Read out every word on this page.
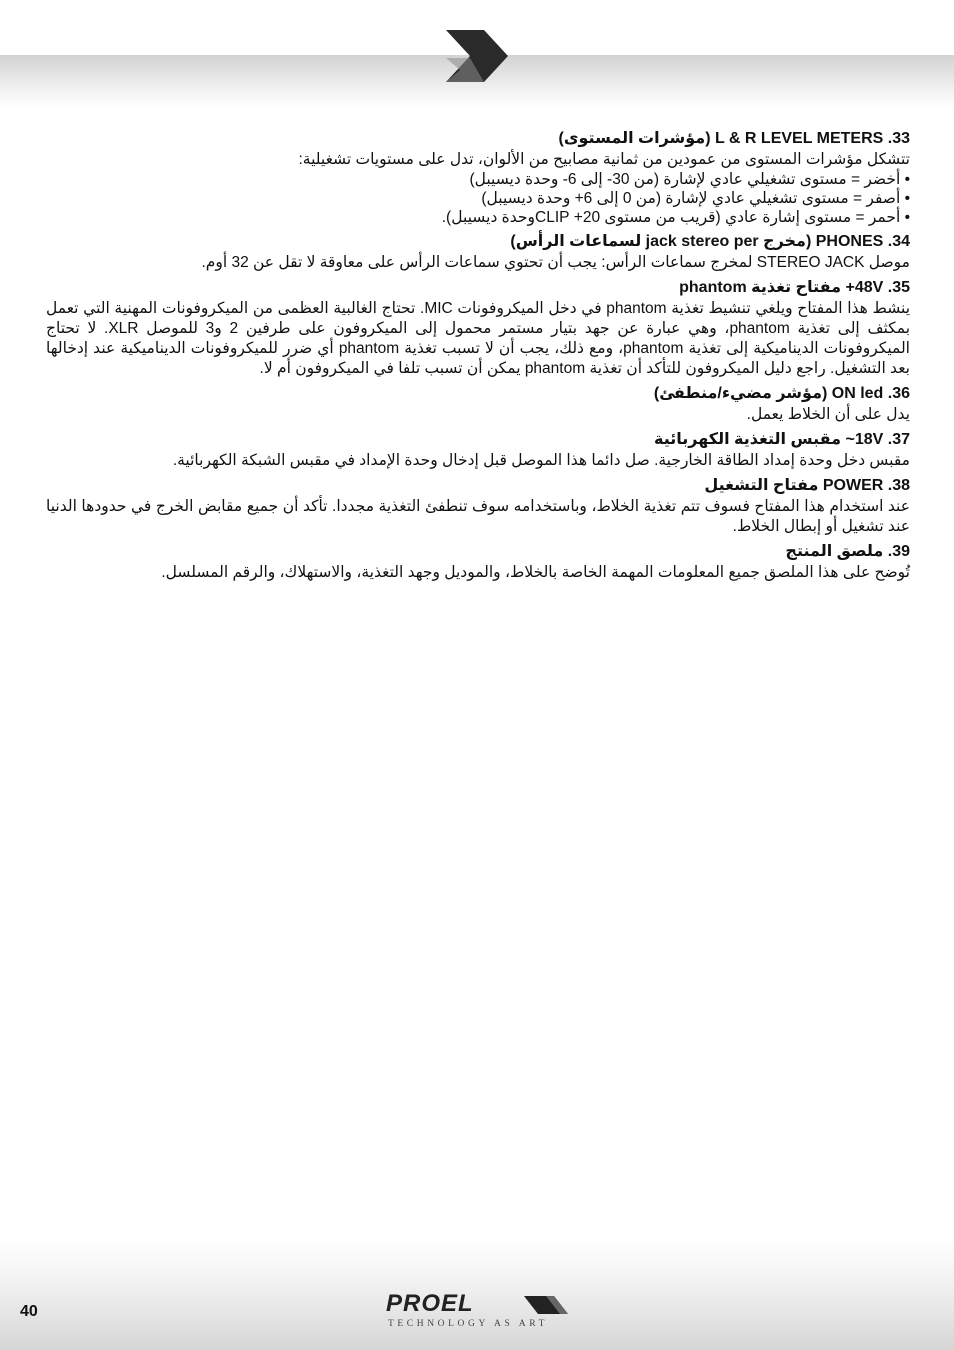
33. L & R LEVEL METERS (مؤشرات المستوى)

تتشكل مؤشرات المستوى من عمودين من ثمانية مصابيح من الألوان، تدل على مستويات تشغيلية:

• أخضر = مستوى تشغيلي عادي لإشارة (من 30- إلى 6- وحدة ديسيبل)

• أصفر = مستوى تشغيلي عادي لإشارة (من 0 إلى 6+ وحدة ديسيبل)

• أحمر = مستوى إشارة عادي (قريب من مستوى 20+ CLIPوحدة ديسيبل).

34. PHONES (مخرج jack stereo per لسماعات الرأس)

موصل STEREO JACK لمخرج سماعات الرأس: يجب أن تحتوي سماعات الرأس على معاوقة لا تقل عن 32 أوم.

35. 48V+ مفتاح تغذية phantom

ينشط هذا المفتاح ويلغي تنشيط تغذية phantom في دخل الميكروفونات MIC. تحتاج الغالبية العظمى من الميكروفونات المهنية التي تعمل بمكثف إلى تغذية phantom، وهي عبارة عن جهد بتيار مستمر محمول إلى الميكروفون على طرفين 2 و3 للموصل XLR. لا تحتاج الميكروفونات الديناميكية إلى تغذية phantom، ومع ذلك، يجب أن لا تسبب تغذية phantom أي ضرر للميكروفونات الديناميكية عند إدخالها بعد التشغيل. راجع دليل الميكروفون للتأكد أن تغذية phantom يمكن أن تسبب تلفا في الميكروفون أم لا.

36. ON led (مؤشر مضيء/منطفئ)

يدل على أن الخلاط يعمل.

37. 18V~ مقبس التغذية الكهربائية

مقبس دخل وحدة إمداد الطاقة الخارجية. صل دائما هذا الموصل قبل إدخال وحدة الإمداد في مقبس الشبكة الكهربائية.

38. POWER مفتاح التشغيل

عند استخدام هذا المفتاح فسوف تتم تغذية الخلاط، وباستخدامه سوف تنطفئ التغذية مجددا. تأكد أن جميع مقابض الخرج في حدودها الدنيا عند تشغيل أو إبطال الخلاط.

39. ملصق المنتج

تُوضح على هذا الملصق جميع المعلومات المهمة الخاصة بالخلاط، والموديل وجهد التغذية، والاستهلاك، والرقم المسلسل.

40	PROEL
TECHNOLOGY AS ART
